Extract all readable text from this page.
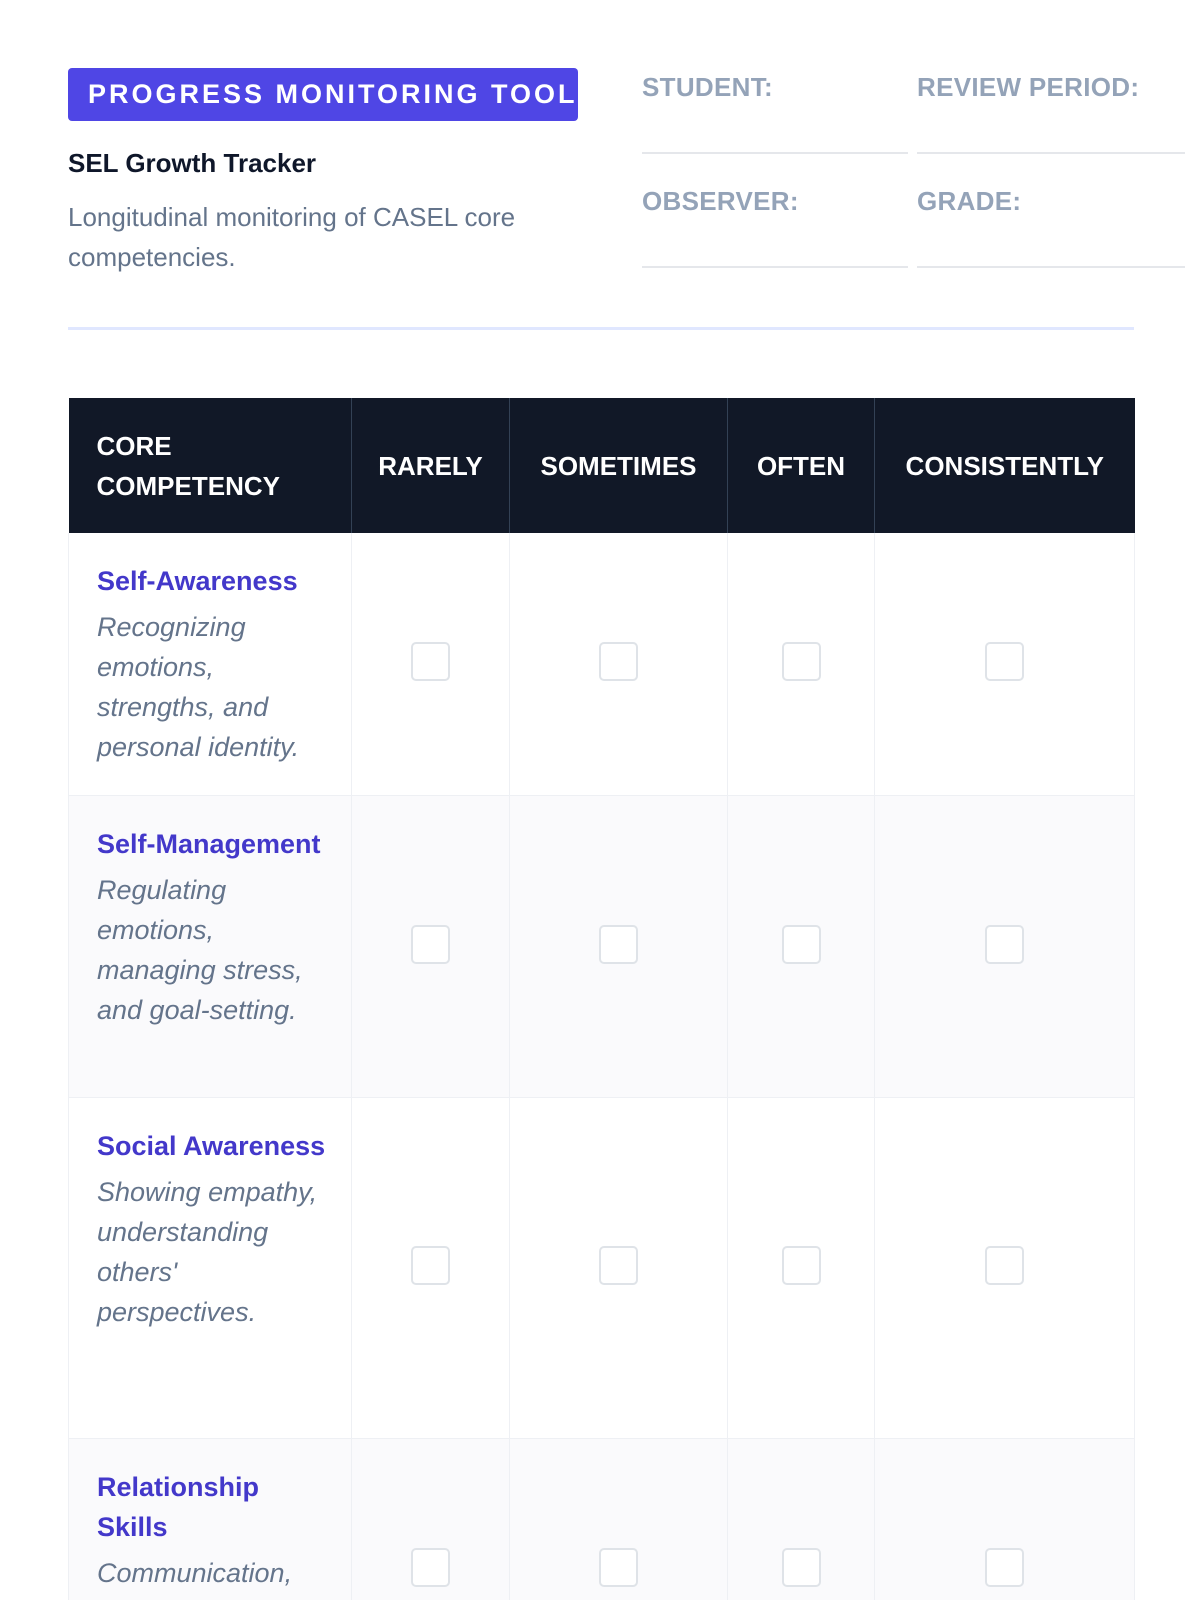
PROGRESS MONITORING TOOL
SEL Growth Tracker
Longitudinal monitoring of CASEL core competencies.
STUDENT:	REVIEW PERIOD:
OBSERVER:	GRADE:
CORE COMPETENCY	RARELY	SOMETIMES	OFTEN	CONSISTENTLY

Self-Awareness
Recognizing emotions, strengths, and personal identity.				

Self-Management
Regulating emotions, managing stress, and goal-setting.				

Social Awareness
Showing empathy, understanding others' perspectives.				

Relationship Skills
Communication,				
